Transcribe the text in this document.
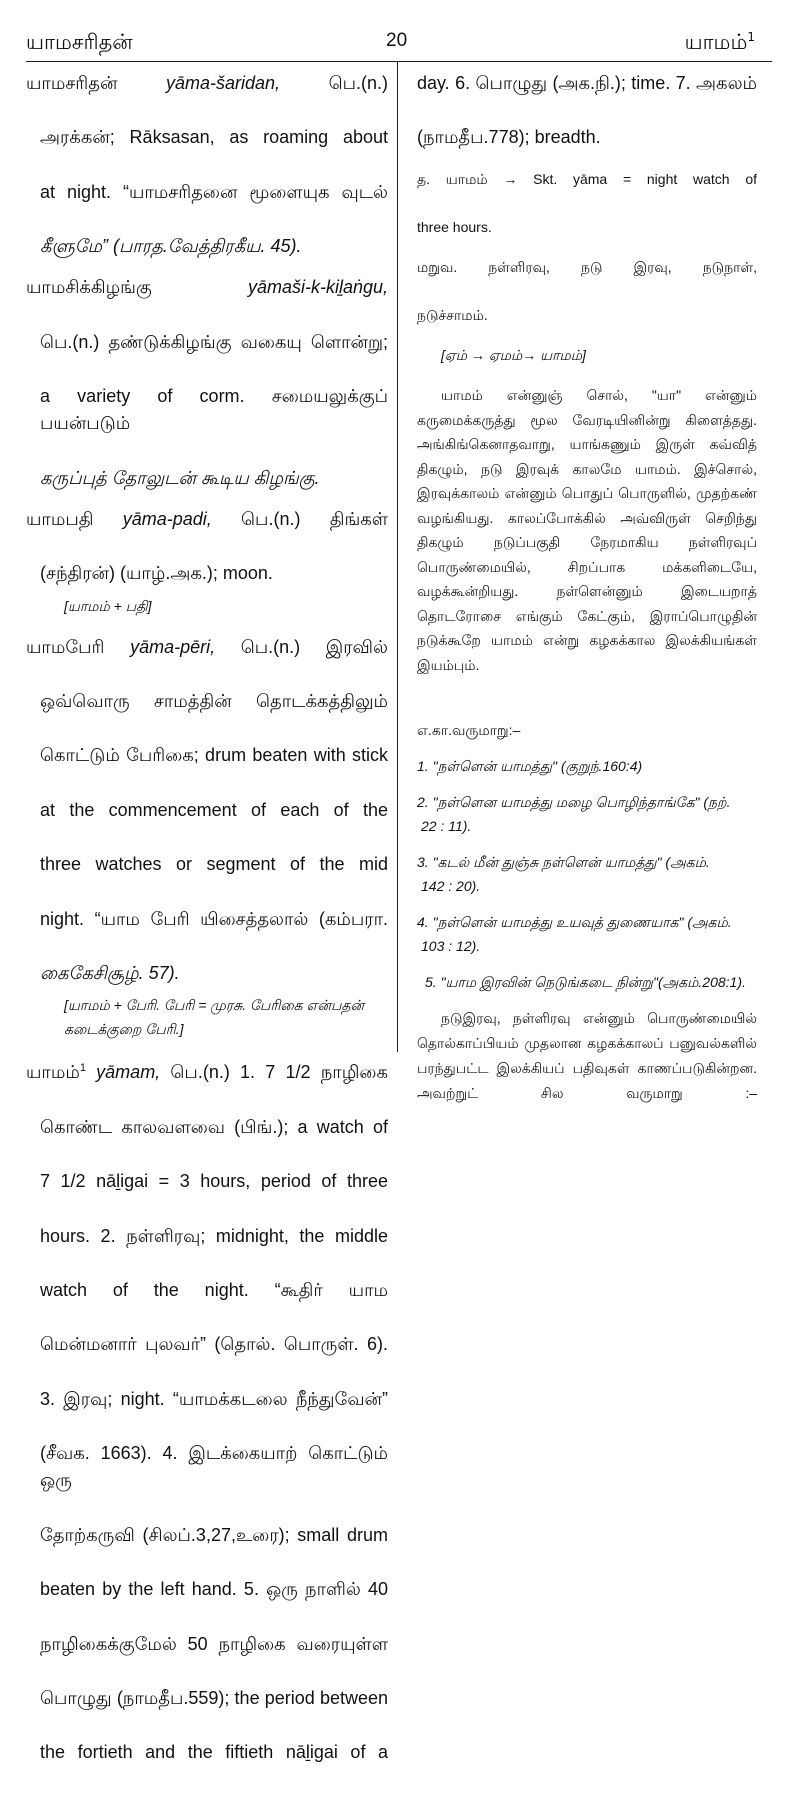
யாமசரிதன்	20	யாமம்$^1$
யாமசரிதன்	yāma-šaridan,	பெ.(n.)
அரக்கன்; Rāksasan, as roaming about
at night. “யாமசரிதனை மூளையுக வுடல்
கீளுமே” (பாரத.வேத்திரகீய. 45).
யாமசிக்கிழங்கு	yāmaši-k-kiḻaṅgu,
பெ.(n.) தண்டுக்கிழங்கு வகையு ளொன்று;
a variety of corm. சமையலுக்குப் பயன்படும்
கருப்புத் தோலுடன் கூடிய கிழங்கு.
யாமபதி yāma-padi, பெ.(n.) திங்கள்
(சந்திரன்) (யாழ்.அக.); moon.
[யாமம் + பதி]
யாமபேரி yāma-pēri, பெ.(n.) இரவில்
ஒவ்வொரு சாமத்தின் தொடக்கத்திலும்
கொட்டும் பேரிகை; drum beaten with stick
at the commencement of each of the
three watches or segment of the mid
night. “யாம பேரி யிசைத்தலால் (கம்பரா.
கைகேசிசூழ். 57).
[யாமம் + பேரி. பேரி = முரசு. பேரிகை என்பதன்
கடைக்குறை பேரி.]
யாமம்$^1$ yāmam, பெ.(n.) 1. 7 1/2 நாழிகை
கொண்ட காலவளவை (பிங்.); a watch of
7 1/2 nāḻigai = 3 hours, period of three
hours. 2. நள்ளிரவு; midnight, the middle
watch of the night. “கூதிர் யாம
மென்மனார் புலவர்” (தொல். பொருள். 6).
3. இரவு; night. “யாமக்கடலை நீந்துவேன்”
(சீவக. 1663). 4. இடக்கையாற் கொட்டும் ஒரு
தோற்கருவி (சிலப்.3,27,உரை); small drum
beaten by the left hand. 5. ஒரு நாளில் 40
நாழிகைக்குமேல் 50 நாழிகை வரையுள்ள
பொழுது (நாமதீப.559); the period between
the fortieth and the fiftieth nāḻigai of a
day. 6. பொழுது (அக.நி.); time. 7. அகலம்
(நாமதீப.778); breadth.
த. யாமம் → Skt. yāma = night watch of
three hours.
மறுவ. நள்ளிரவு, நடு இரவு, நடுநாள்,
நடுச்சாமம்.
[ஏம் → ஏமம்→ யாமம்]
யாமம் என்னுஞ் சொல், "யா" என்னும் கருமைக்கருத்து மூல வேரடியினின்று கிளைத்தது. அங்கிங்கெனாதவாறு, யாங்கணும் இருள் கவ்வித் திகழும், நடு இரவுக் காலமே யாமம். இச்சொல், இரவுக்காலம் என்னும் பொதுப் பொருளில், முதற்கண் வழங்கியது. காலப்போக்கில் அவ்விருள் செறிந்து திகழும் நடுப்பகுதி நேரமாகிய நள்ளிரவுப் பொருண்மையில், சிறப்பாக மக்களிடையே, வழக்கூன்றியது. நள்ளென்னும் இடையறாத் தொடரோசை எங்கும் கேட்கும், இராப்பொழுதின் நடுக்கூறே யாமம் என்று கழகக்கால இலக்கியங்கள் இயம்பும்.
எ.கா.வருமாறு:–
1. "நள்ளென் யாமத்து" (குறுந்.160:4)
2. "நள்ளென யாமத்து மழை பொழிந்தாங்கே" (நற்.
22 : 11).
3. "கடல் மீன் துஞ்சு நள்ளென் யாமத்து" (அகம்.
142 : 20).
4. "நள்ளென் யாமத்து உயவுத் துணையாக" (அகம்.
103 : 12).
5. "யாம இரவின் நெடுங்கடை நின்று"(அகம்.208:1).
நடுஇரவு, நள்ளிரவு என்னும் பொருண்மையில் தொல்காப்பியம் முதலான கழகக்காலப் பனுவல்களில் பரந்துபட்ட இலக்கியப் பதிவுகள் காணப்படுகின்றன. அவற்றுட் சில வருமாறு :–
